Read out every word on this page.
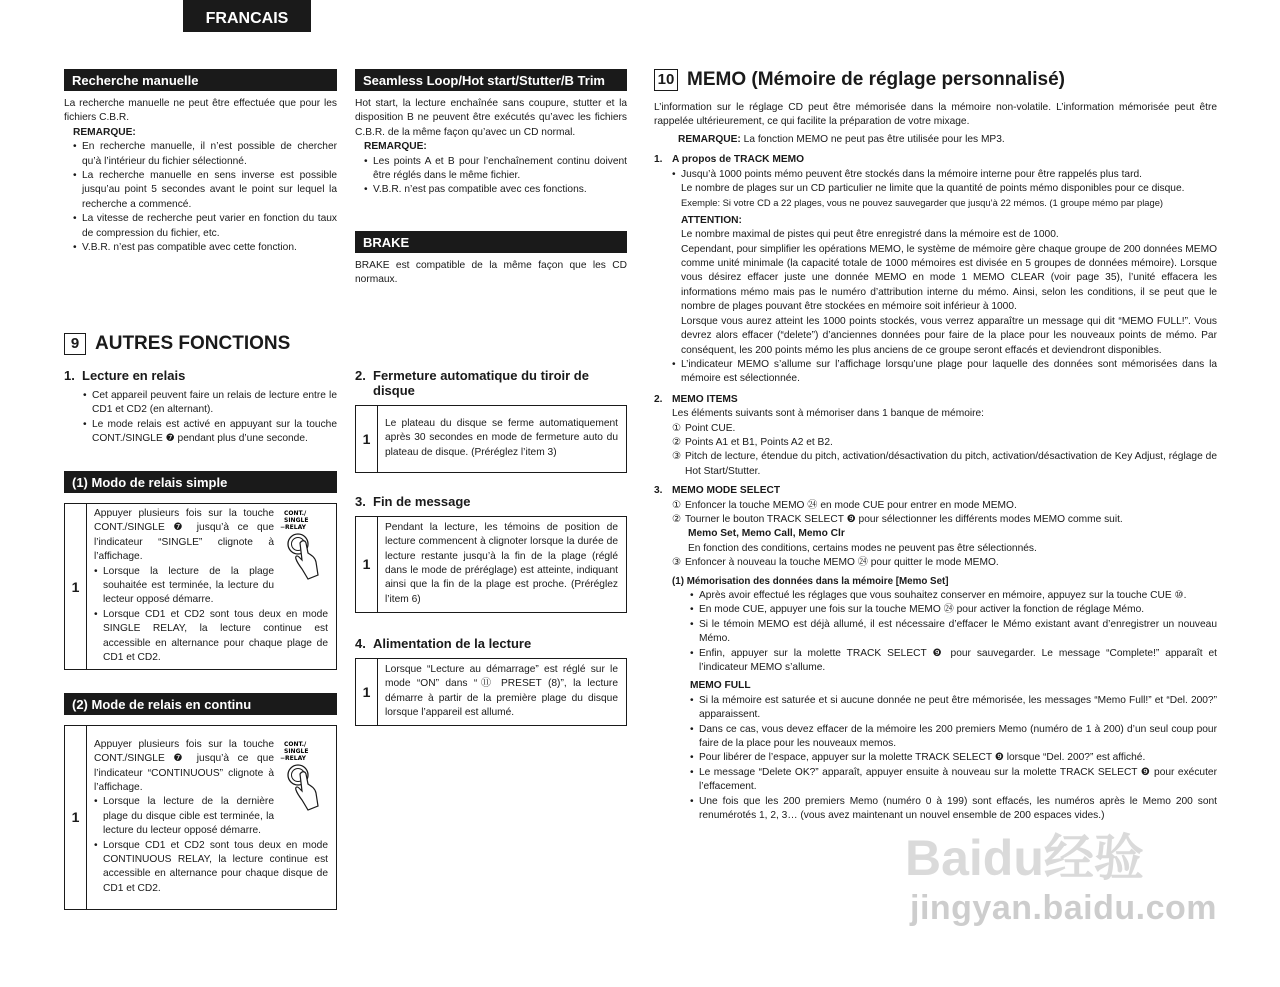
FRANCAIS
Recherche manuelle

La recherche manuelle ne peut être effectuée que pour les fichiers C.B.R.

REMARQUE:
• En recherche manuelle, il n’est possible de chercher qu’à l’intérieur du fichier sélectionné.
• La recherche manuelle en sens inverse est possible jusqu’au point 5 secondes avant le point sur lequel la recherche a commencé.
• La vitesse de recherche peut varier en fonction du taux de compression du fichier, etc.
• V.B.R. n’est pas compatible avec cette fonction.
9 AUTRES FONCTIONS
1. Lecture en relais
• Cet appareil peuvent faire un relais de lecture entre le CD1 et CD2 (en alternant).
• Le mode relais est activé en appuyant sur la touche CONT./SINGLE ❼ pendant plus d’une seconde.
(1) Modo de relais simple
1	
CONT./
SINGLE
−RELAY

Appuyer plusieurs fois sur la touche CONT./SINGLE ❼ jusqu’à ce que l’indicateur “SINGLE” clignote à l’affichage.

• Lorsque la lecture de la plage souhaitée est terminée, la lecture du lecteur opposé démarre.
• Lorsque CD1 et CD2 sont tous deux en mode SINGLE RELAY, la lecture continue est accessible en alternance pour chaque plage de CD1 et CD2.
(2) Mode de relais en continu
1	
CONT./
SINGLE
−RELAY

Appuyer plusieurs fois sur la touche CONT./SINGLE ❼ jusqu’à ce que l’indicateur “CONTINUOUS” clignote à l’affichage.

• Lorsque la lecture de la dernière plage du disque cible est terminée, la lecture du lecteur opposé démarre.
• Lorsque CD1 et CD2 sont tous deux en mode CONTINUOUS RELAY, la lecture continue est accessible en alternance pour chaque disque de CD1 et CD2.
Seamless Loop/Hot start/Stutter/B Trim

Hot start, la lecture enchaînée sans coupure, stutter et la disposition B ne peuvent être exécutés qu’avec les fichiers C.B.R. de la même façon qu’avec un CD normal.

REMARQUE:
• Les points A et B pour l’enchaînement continu doivent être réglés dans le même fichier.
• V.B.R. n’est pas compatible avec ces fonctions.
BRAKE

BRAKE est compatible de la même façon que les CD normaux.

2. Fermeture automatique du tiroir de disque
1	

Le plateau du disque se ferme automatiquement après 30 secondes en mode de fermeture auto du plateau de disque. (Préréglez l’item 3)

3. Fin de message
1	

Pendant la lecture, les témoins de position de lecture commencent à clignoter lorsque la durée de lecture restante jusqu’à la fin de la plage (réglé dans le mode de préréglage) est atteinte, indiquant ainsi que la fin de la plage est proche. (Préréglez l’item 6)

4. Alimentation de la lecture
1	

Lorsque “Lecture au démarrage” est réglé sur le mode “ON” dans “⑪ PRESET (8)”, la lecture démarre à partir de la première plage du disque lorsque l’appareil est allumé.

10 MEMO (Mémoire de réglage personnalisé)

L’information sur le réglage CD peut être mémorisée dans la mémoire non-volatile. L’information mémorisée peut être rappelée ultérieurement, ce qui facilite la préparation de votre mixage.

REMARQUE: La fonction MEMO ne peut pas être utilisée pour les MP3.
1. A propos de TRACK MEMO
• Jusqu’à 1000 points mémo peuvent être stockés dans la mémoire interne pour être rappelés plus tard.

Le nombre de plages sur un CD particulier ne limite que la quantité de points mémo disponibles pour ce disque.

Exemple: Si votre CD a 22 plages, vous ne pouvez sauvegarder que jusqu’à 22 mémos. (1 groupe mémo par plage)

ATTENTION:

Le nombre maximal de pistes qui peut être enregistré dans la mémoire est de 1000.

Cependant, pour simplifier les opérations MEMO, le système de mémoire gère chaque groupe de 200 données MEMO comme unité minimale (la capacité totale de 1000 mémoires est divisée en 5 groupes de données mémoire). Lorsque vous désirez effacer juste une donnée MEMO en mode 1 MEMO CLEAR (voir page 35), l’unité effacera les informations mémo mais pas le numéro d’attribution interne du mémo. Ainsi, selon les conditions, il se peut que le nombre de plages pouvant être stockées en mémoire soit inférieur à 1000.

Lorsque vous aurez atteint les 1000 points stockés, vous verrez apparaître un message qui dit “MEMO FULL!”. Vous devrez alors effacer (“delete”) d’anciennes données pour faire de la place pour les nouveaux points de mémo. Par conséquent, les 200 points mémo les plus anciens de ce groupe seront effacés et deviendront disponibles.

• L’indicateur MEMO s’allume sur l’affichage lorsqu’une plage pour laquelle des données sont mémorisées dans la mémoire est sélectionnée.
2. MEMO ITEMS

Les éléments suivants sont à mémoriser dans 1 banque de mémoire:

① Point CUE.
② Points A1 et B1, Points A2 et B2.
③ Pitch de lecture, étendue du pitch, activation/désactivation du pitch, activation/désactivation de Key Adjust, réglage de Hot Start/Stutter.
3. MEMO MODE SELECT
① Enfoncer la touche MEMO ㉔ en mode CUE pour entrer en mode MEMO.
② Tourner le bouton TRACK SELECT ❾ pour sélectionner les différents modes MEMO comme suit.

Memo Set, Memo Call, Memo Clr

En fonction des conditions, certains modes ne peuvent pas être sélectionnés.

③ Enfoncer à nouveau la touche MEMO ㉔ pour quitter le mode MEMO.

(1) Mémorisation des données dans la mémoire [Memo Set]

• Après avoir effectué les réglages que vous souhaitez conserver en mémoire, appuyez sur la touche CUE ⑩.
• En mode CUE, appuyer une fois sur la touche MEMO ㉔ pour activer la fonction de réglage Mémo.
• Si le témoin MEMO est déjà allumé, il est nécessaire d’effacer le Mémo existant avant d’enregistrer un nouveau Mémo.
• Enfin, appuyer sur la molette TRACK SELECT ❾ pour sauvegarder. Le message “Complete!” apparaît et l’indicateur MEMO s’allume.

MEMO FULL

• Si la mémoire est saturée et si aucune donnée ne peut être mémorisée, les messages “Memo Full!” et “Del. 200?” apparaissent.
• Dans ce cas, vous devez effacer de la mémoire les 200 premiers Memo (numéro de 1 à 200) d’un seul coup pour faire de la place pour les nouveaux memos.
• Pour libérer de l’espace, appuyer sur la molette TRACK SELECT ❾ lorsque “Del. 200?” est affiché.
• Le message “Delete OK?” apparaît, appuyer ensuite à nouveau sur la molette TRACK SELECT ❾ pour exécuter l’effacement.
• Une fois que les 200 premiers Memo (numéro 0 à 199) sont effacés, les numéros après le Memo 200 sont renumérotés 1, 2, 3… (vous avez maintenant un nouvel ensemble de 200 espaces vides.)
Baidu经验
jingyan.baidu.com
